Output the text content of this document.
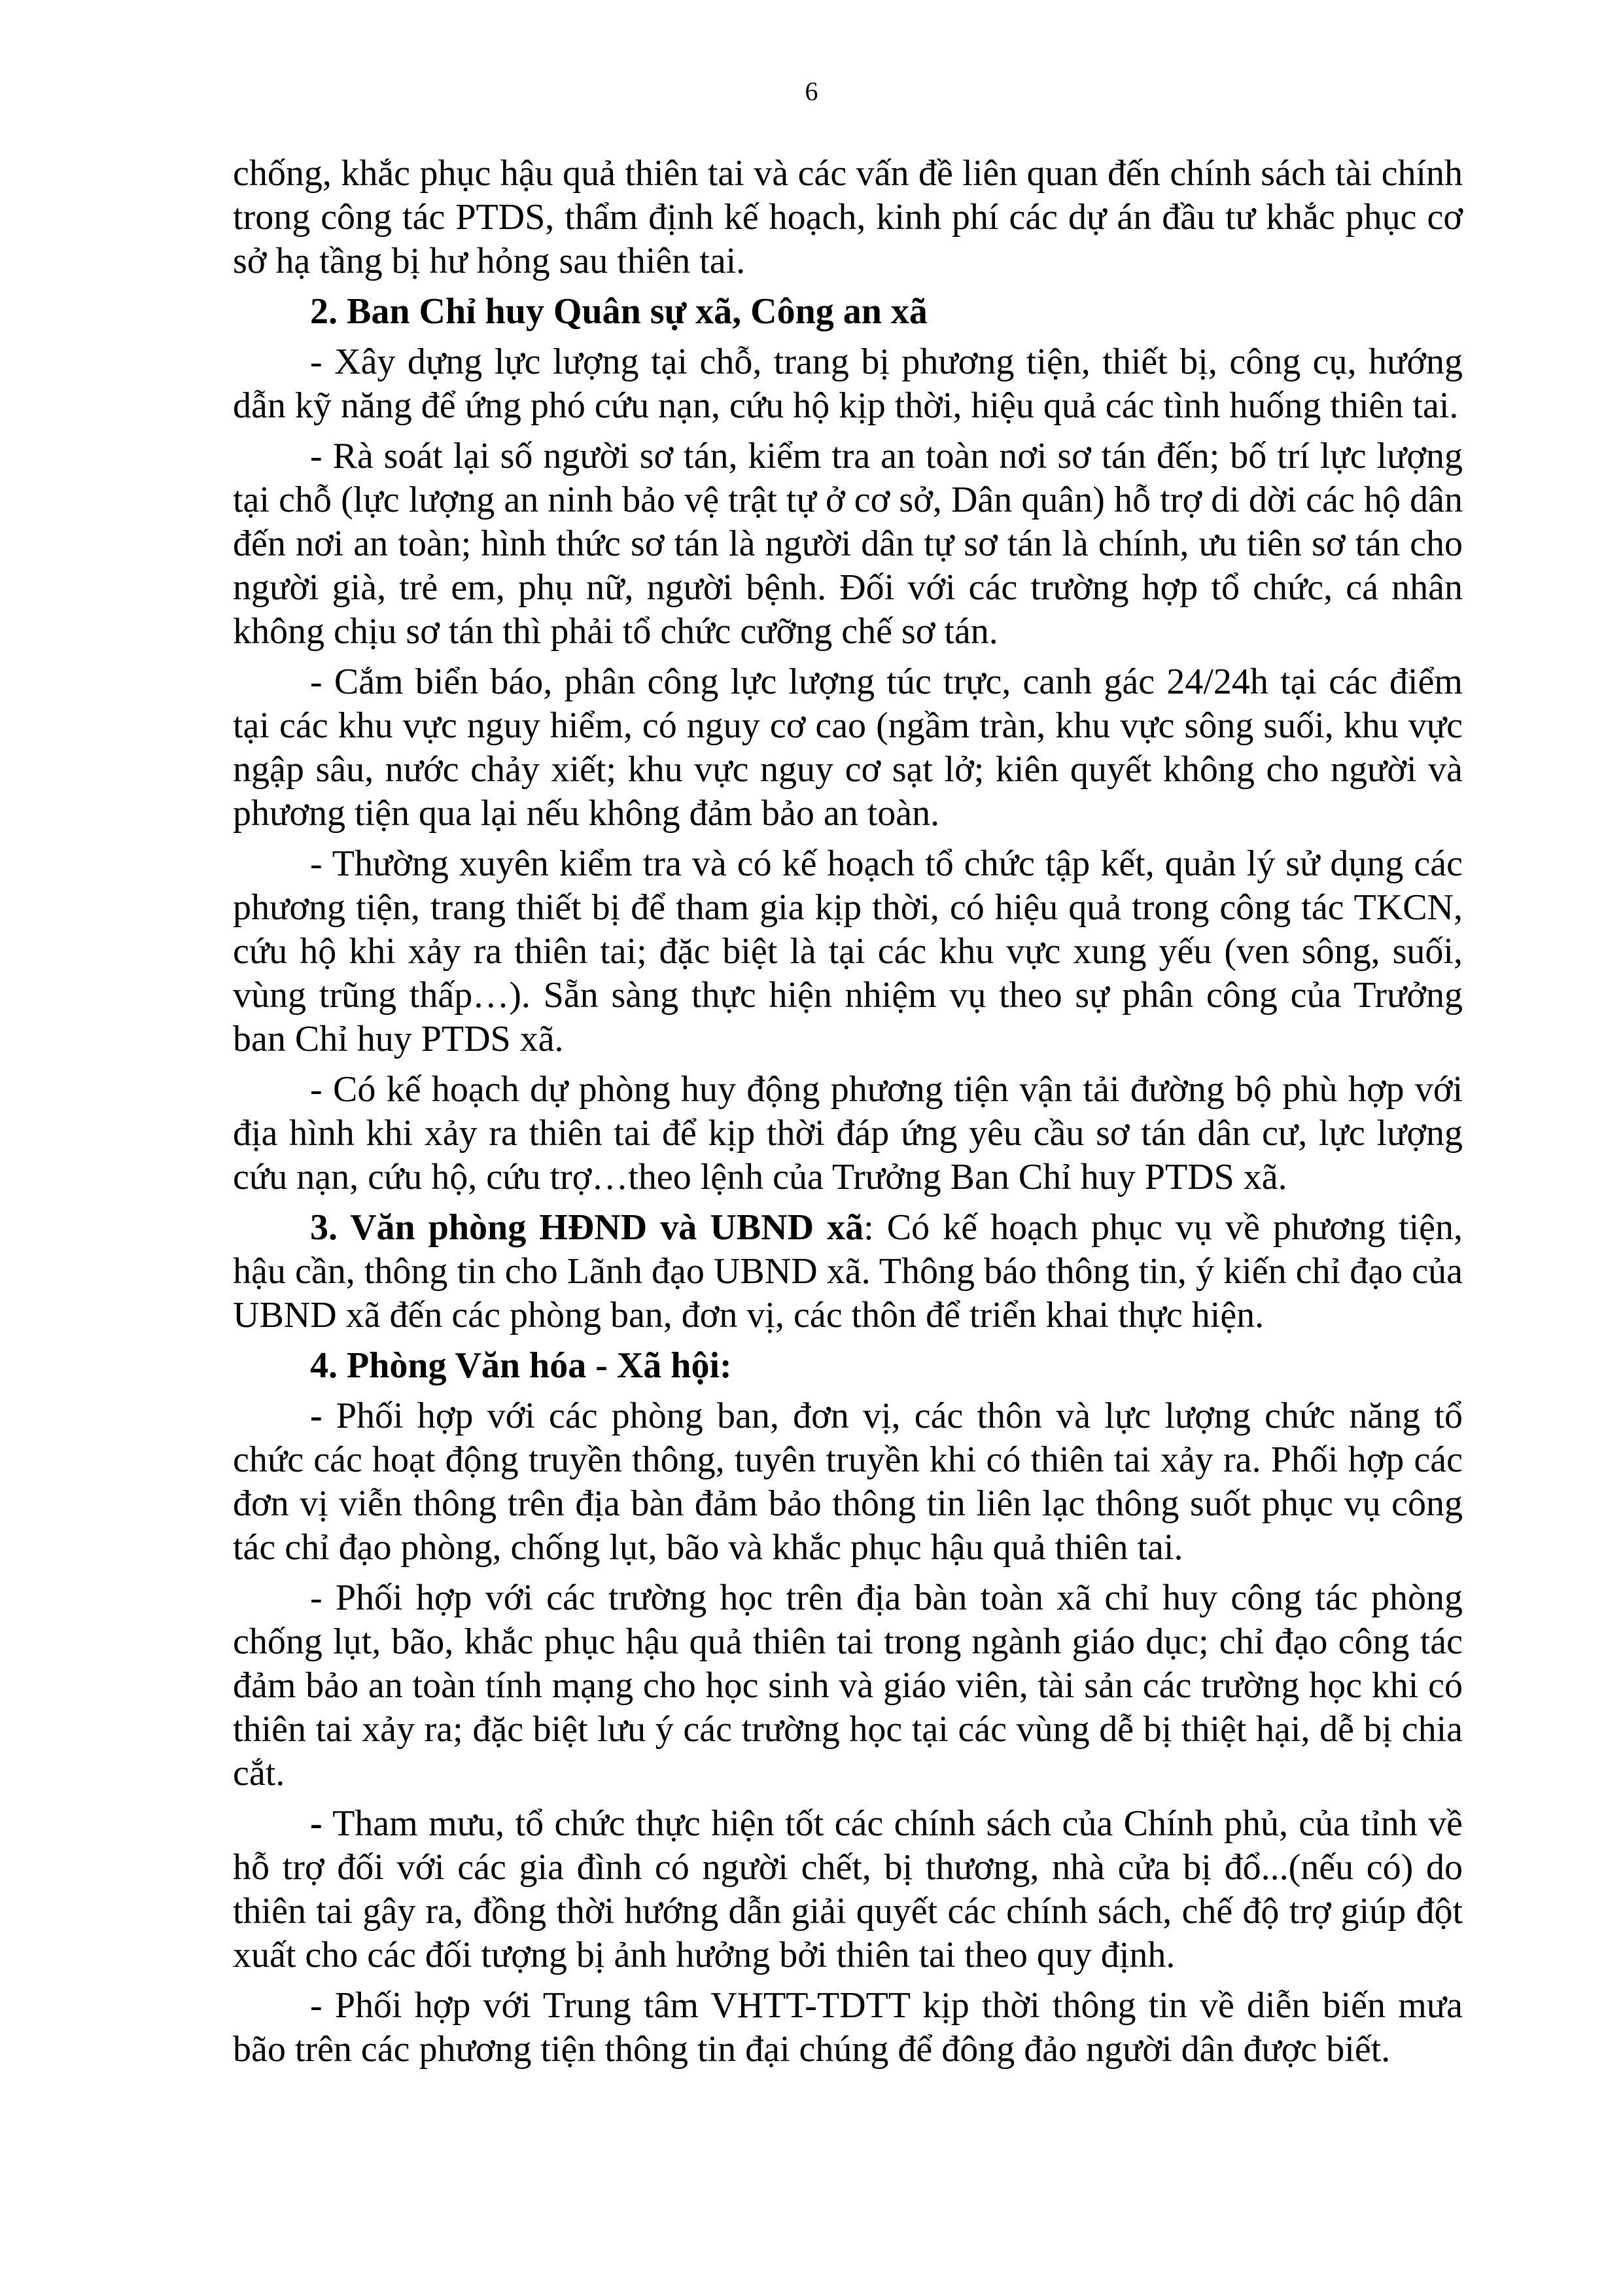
6

chống, khắc phục hậu quả thiên tai và các vấn đề liên quan đến chính sách tài chính trong công tác PTDS, thẩm định kế hoạch, kinh phí các dự án đầu tư khắc phục cơ sở hạ tầng bị hư hỏng sau thiên tai.

2. Ban Chỉ huy Quân sự xã, Công an xã

- Xây dựng lực lượng tại chỗ, trang bị phương tiện, thiết bị, công cụ, hướng dẫn kỹ năng để ứng phó cứu nạn, cứu hộ kịp thời, hiệu quả các tình huống thiên tai.

- Rà soát lại số người sơ tán, kiểm tra an toàn nơi sơ tán đến; bố trí lực lượng tại chỗ (lực lượng an ninh bảo vệ trật tự ở cơ sở, Dân quân) hỗ trợ di dời các hộ dân đến nơi an toàn; hình thức sơ tán là người dân tự sơ tán là chính, ưu tiên sơ tán cho người già, trẻ em, phụ nữ, người bệnh. Đối với các trường hợp tổ chức, cá nhân không chịu sơ tán thì phải tổ chức cưỡng chế sơ tán.

- Cắm biển báo, phân công lực lượng túc trực, canh gác 24/24h tại các điểm tại các khu vực nguy hiểm, có nguy cơ cao (ngầm tràn, khu vực sông suối, khu vực ngập sâu, nước chảy xiết; khu vực nguy cơ sạt lở; kiên quyết không cho người và phương tiện qua lại nếu không đảm bảo an toàn.

- Thường xuyên kiểm tra và có kế hoạch tổ chức tập kết, quản lý sử dụng các phương tiện, trang thiết bị để tham gia kịp thời, có hiệu quả trong công tác TKCN, cứu hộ khi xảy ra thiên tai; đặc biệt là tại các khu vực xung yếu (ven sông, suối, vùng trũng thấp…). Sẵn sàng thực hiện nhiệm vụ theo sự phân công của Trưởng ban Chỉ huy PTDS xã.

- Có kế hoạch dự phòng huy động phương tiện vận tải đường bộ phù hợp với địa hình khi xảy ra thiên tai để kịp thời đáp ứng yêu cầu sơ tán dân cư, lực lượng cứu nạn, cứu hộ, cứu trợ…theo lệnh của Trưởng Ban Chỉ huy PTDS xã.

3. Văn phòng HĐND và UBND xã: Có kế hoạch phục vụ về phương tiện, hậu cần, thông tin cho Lãnh đạo UBND xã. Thông báo thông tin, ý kiến chỉ đạo của UBND xã đến các phòng ban, đơn vị, các thôn để triển khai thực hiện.

4. Phòng Văn hóa - Xã hội:

- Phối hợp với các phòng ban, đơn vị, các thôn và lực lượng chức năng tổ chức các hoạt động truyền thông, tuyên truyền khi có thiên tai xảy ra. Phối hợp các đơn vị viễn thông trên địa bàn đảm bảo thông tin liên lạc thông suốt phục vụ công tác chỉ đạo phòng, chống lụt, bão và khắc phục hậu quả thiên tai.

- Phối hợp với các trường học trên địa bàn toàn xã chỉ huy công tác phòng chống lụt, bão, khắc phục hậu quả thiên tai trong ngành giáo dục; chỉ đạo công tác đảm bảo an toàn tính mạng cho học sinh và giáo viên, tài sản các trường học khi có thiên tai xảy ra; đặc biệt lưu ý các trường học tại các vùng dễ bị thiệt hại, dễ bị chia cắt.

- Tham mưu, tổ chức thực hiện tốt các chính sách của Chính phủ, của tỉnh về hỗ trợ đối với các gia đình có người chết, bị thương, nhà cửa bị đổ...(nếu có) do thiên tai gây ra, đồng thời hướng dẫn giải quyết các chính sách, chế độ trợ giúp đột xuất cho các đối tượng bị ảnh hưởng bởi thiên tai theo quy định.

- Phối hợp với Trung tâm VHTT-TDTT kịp thời thông tin về diễn biến mưa bão trên các phương tiện thông tin đại chúng để đông đảo người dân được biết.
